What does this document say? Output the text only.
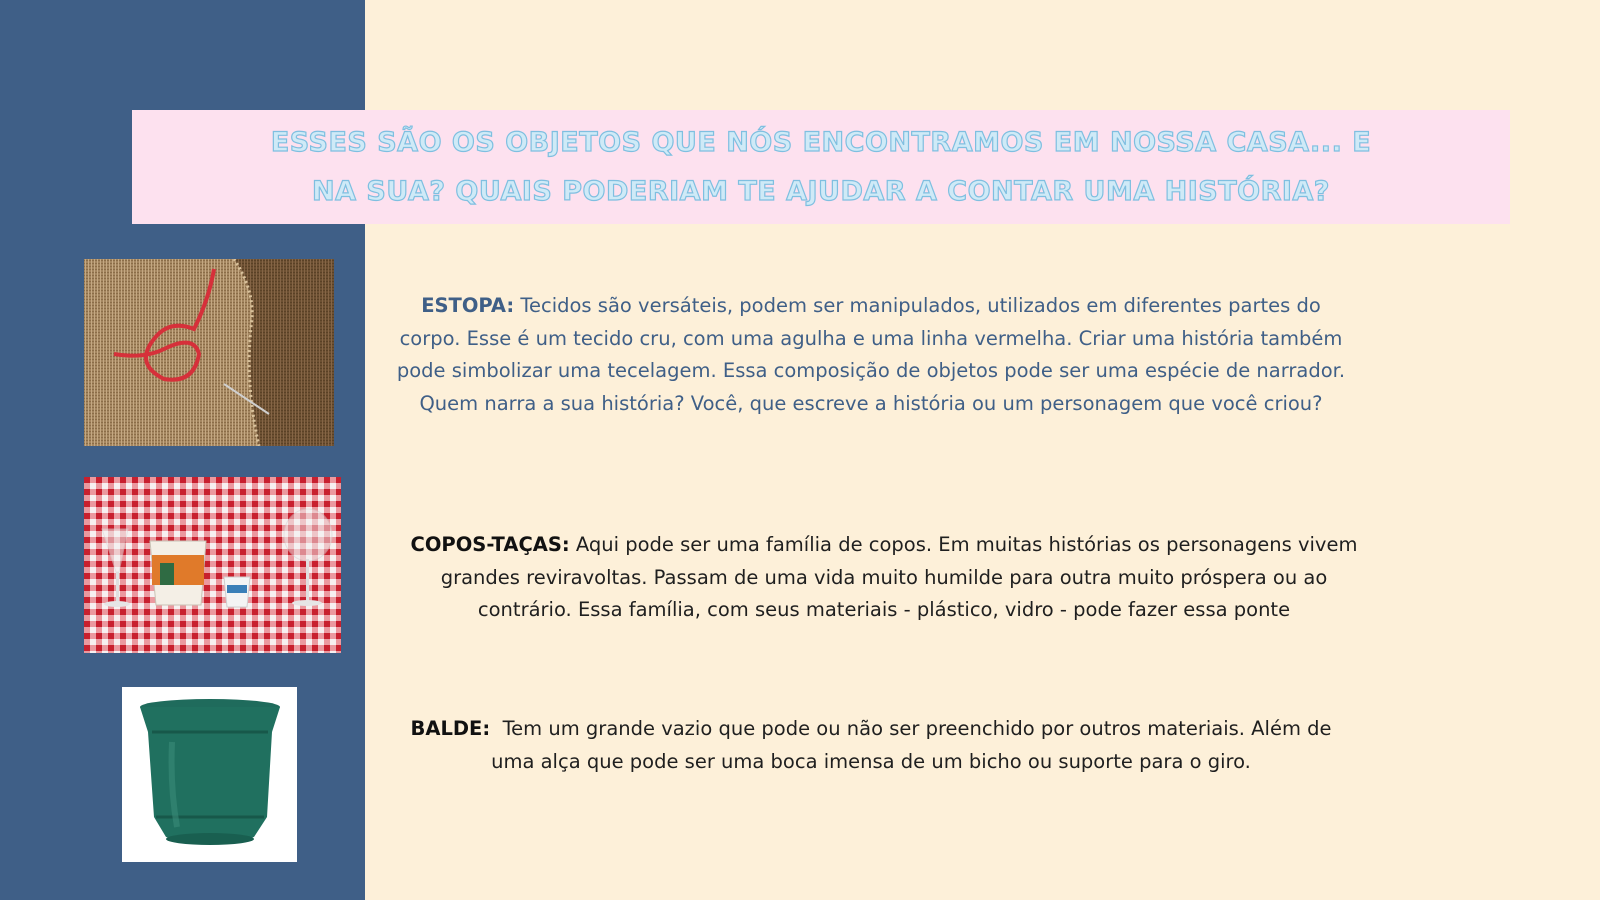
ESSES SÃO OS OBJETOS QUE NÓS ENCONTRAMOS EM NOSSA CASA... E
NA SUA? QUAIS PODERIAM TE AJUDAR A CONTAR UMA HISTÓRIA?

ESTOPA: Tecidos são versáteis, podem ser manipulados, utilizados em diferentes partes do corpo. Esse é um tecido cru, com uma agulha e uma linha vermelha. Criar uma história também pode simbolizar uma tecelagem. Essa composição de objetos pode ser uma espécie de narrador. Quem narra a sua história? Você, que escreve a história ou um personagem que você criou?

COPOS-TAÇAS: Aqui pode ser uma família de copos. Em muitas histórias os personagens vivem grandes reviravoltas. Passam de uma vida muito humilde para outra muito próspera ou ao contrário. Essa família, com seus materiais - plástico, vidro - pode fazer essa ponte

BALDE: Tem um grande vazio que pode ou não ser preenchido por outros materiais. Além de uma alça que pode ser uma boca imensa de um bicho ou suporte para o giro.
